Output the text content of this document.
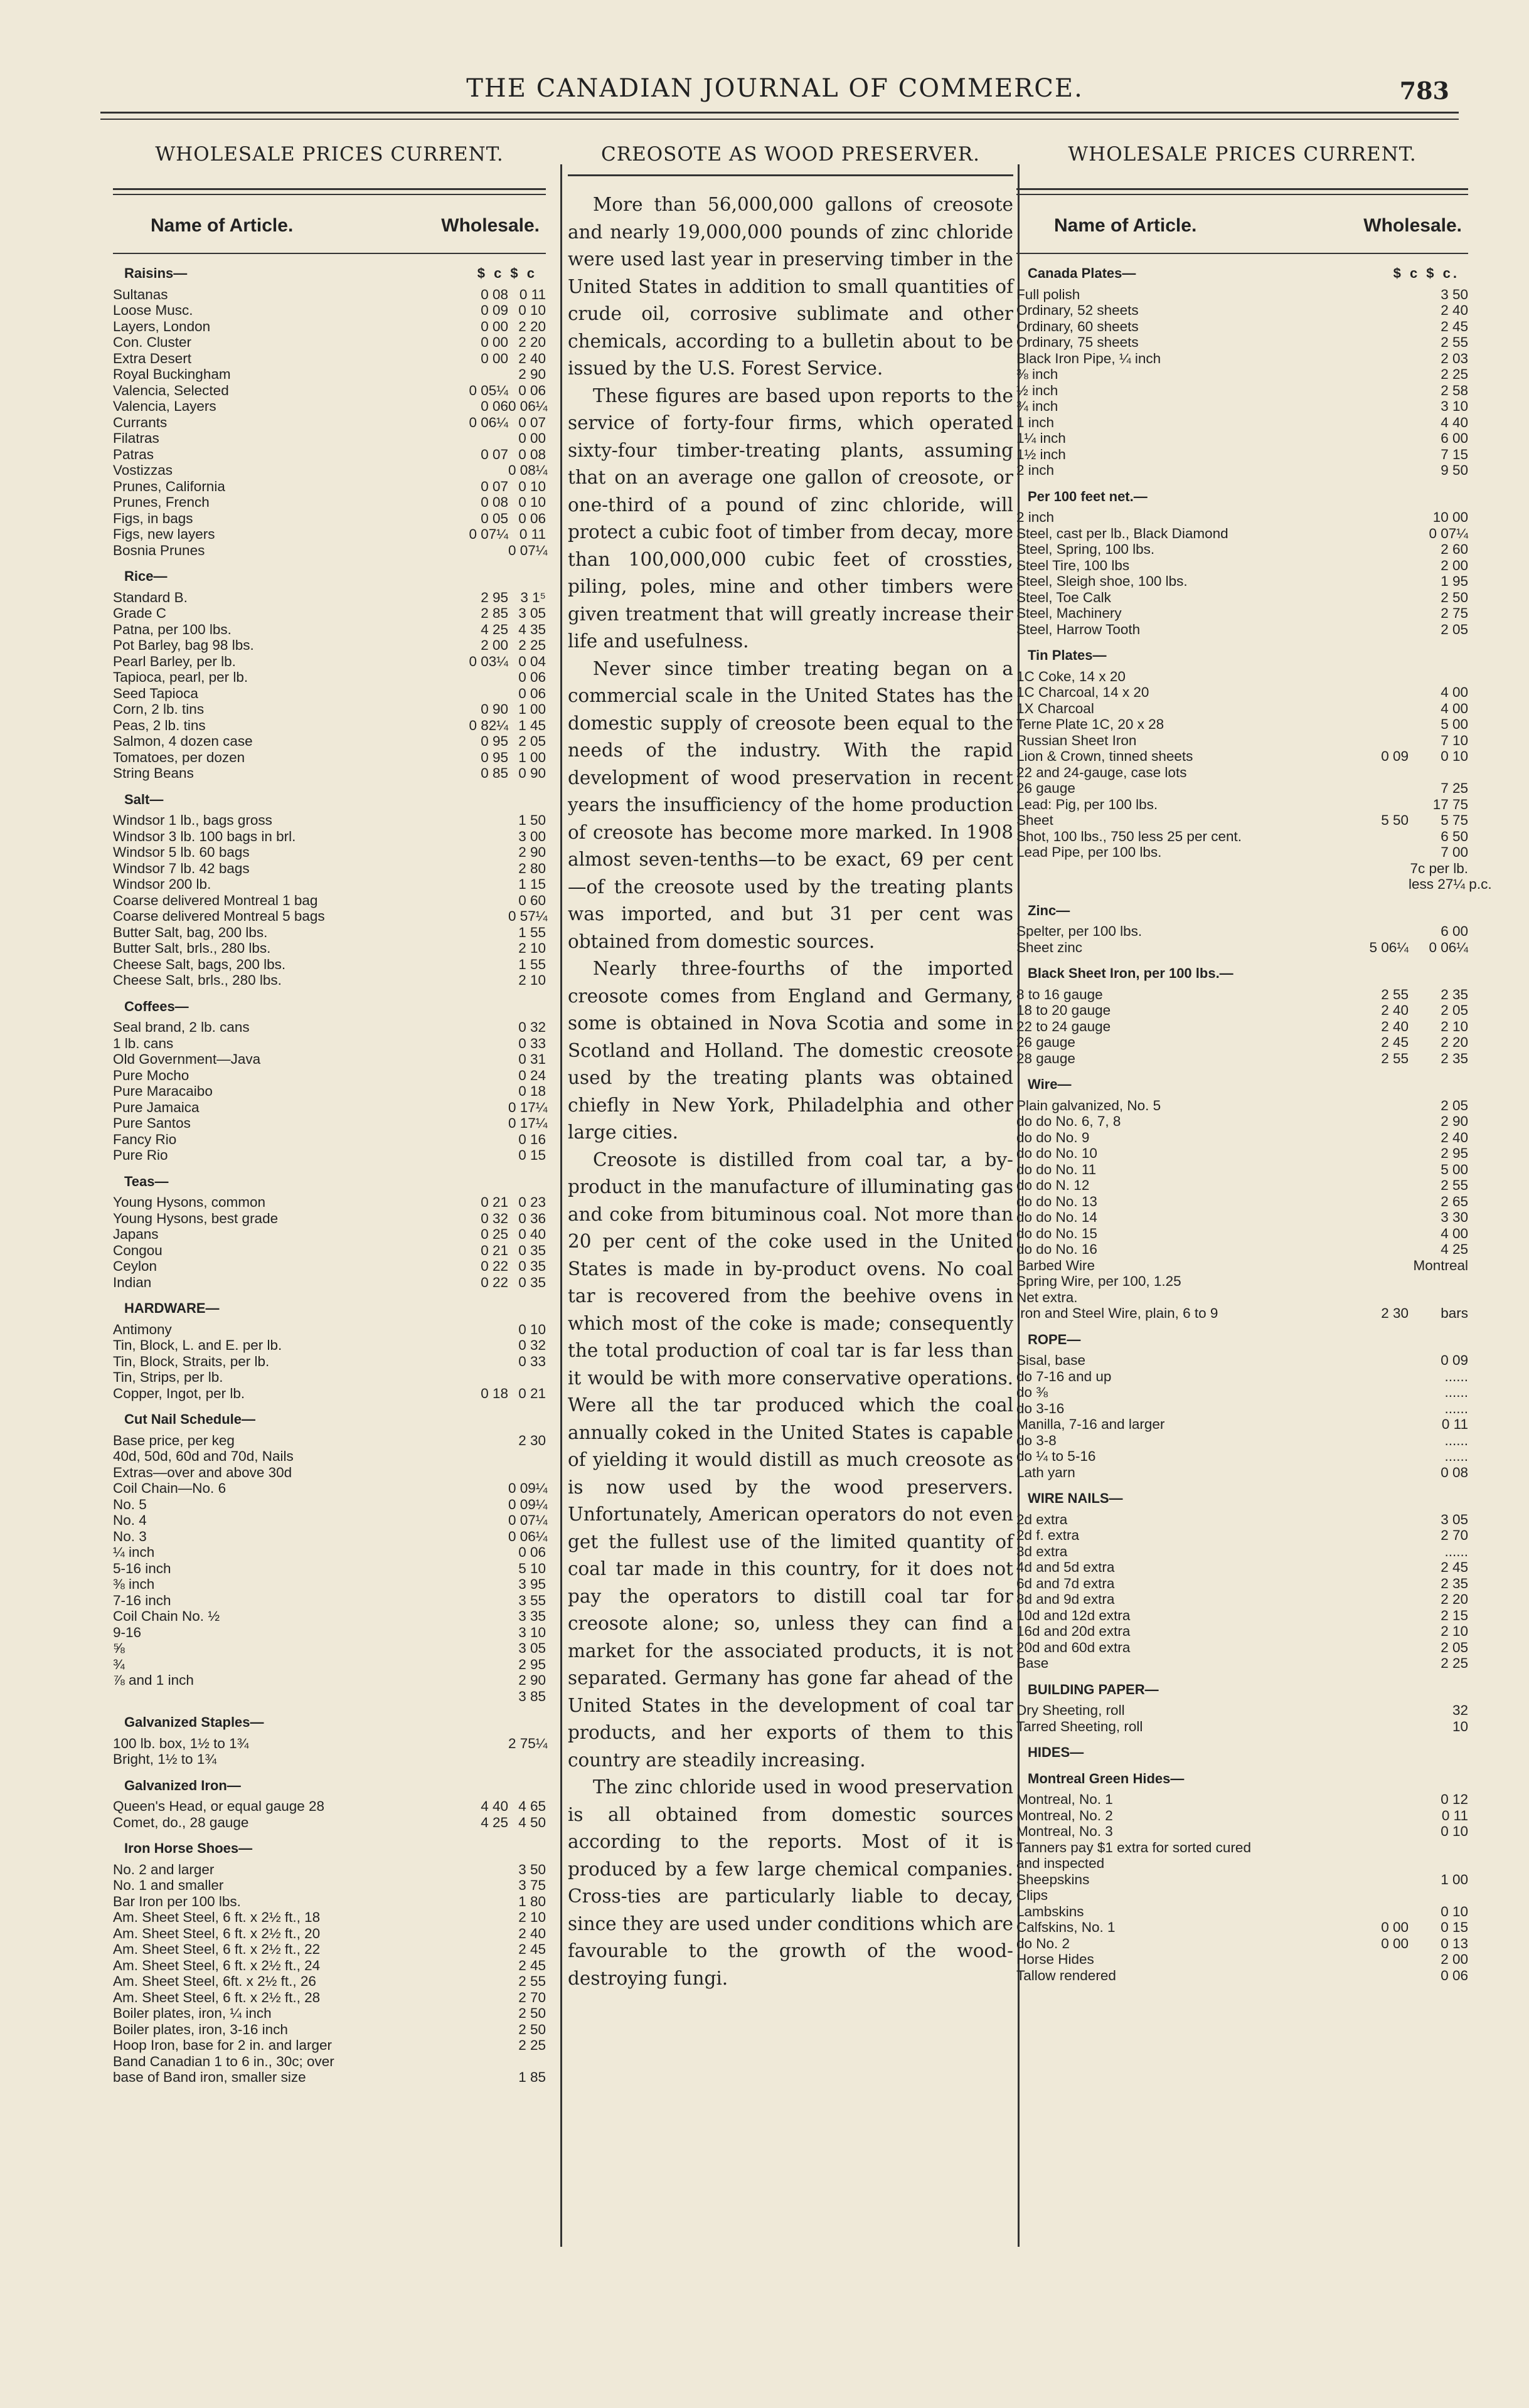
THE CANADIAN JOURNAL OF COMMERCE.	783
WHOLESALE PRICES CURRENT.
Name of Article.	Wholesale.
Raisins—	$ c $ c
Sultanas	0 08 0 11
Loose Musc.	0 09 0 10
Layers, London	0 00 2 20
Con. Cluster	0 00 2 20
Extra Desert	0 00 2 40
Royal Buckingham	2 90
Valencia, Selected	0 05¼ 0 06
Valencia, Layers	0 06 0 06¼
Currants	0 06¼ 0 07
Filatras	0 00
Patras	0 07 0 08
Vostizzas	0 08¼
Prunes, California	0 07 0 10
Prunes, French	0 08 0 10
Figs, in bags	0 05 0 06
Figs, new layers	0 07¼ 0 11
Bosnia Prunes	0 07¼
Rice—
Standard B.	2 95 3 1⁵
Grade C	2 85 3 05
Patna, per 100 lbs.	4 25 4 35
Pot Barley, bag 98 lbs.	2 00 2 25
Pearl Barley, per lb.	0 03¼ 0 04
Tapioca, pearl, per lb.	0 06
Seed Tapioca	0 06
Corn, 2 lb. tins	0 90 1 00
Peas, 2 lb. tins	0 82¼ 1 45
Salmon, 4 dozen case	0 95 2 05
Tomatoes, per dozen	0 95 1 00
String Beans	0 85 0 90
Salt—
Windsor 1 lb., bags gross	1 50
Windsor 3 lb. 100 bags in brl.	3 00
Windsor 5 lb. 60 bags	2 90
Windsor 7 lb. 42 bags	2 80
Windsor 200 lb.	1 15
Coarse delivered Montreal 1 bag	0 60
Coarse delivered Montreal 5 bags	0 57¼
Butter Salt, bag, 200 lbs.	1 55
Butter Salt, brls., 280 lbs.	2 10
Cheese Salt, bags, 200 lbs.	1 55
Cheese Salt, brls., 280 lbs.	2 10
Coffees—
Seal brand, 2 lb. cans	0 32
1 lb. cans	0 33
Old Government—Java	0 31
Pure Mocho	0 24
Pure Maracaibo	0 18
Pure Jamaica	0 17¼
Pure Santos	0 17¼
Fancy Rio	0 16
Pure Rio	0 15
Teas—
Young Hysons, common	0 21 0 23
Young Hysons, best grade	0 32 0 36
Japans	0 25 0 40
Congou	0 21 0 35
Ceylon	0 22 0 35
Indian	0 22 0 35
HARDWARE—
Antimony	0 10
Tin, Block, L. and E. per lb.	0 32
Tin, Block, Straits, per lb.	0 33
Tin, Strips, per lb.
Copper, Ingot, per lb.	0 18 0 21
Cut Nail Schedule—
Base price, per keg	2 30
40d, 50d, 60d and 70d, Nails
Extras—over and above 30d
Coil Chain—No. 6	0 09¼
No. 5	0 09¼
No. 4	0 07¼
No. 3	0 06¼
¼ inch	0 06
5-16 inch	5 10
⅜ inch	3 95
7-16 inch	3 55
Coil Chain No. ½	3 35
9-16	3 10
⅝	3 05
¾	2 95
⅞ and 1 inch	2 90
3 85
Galvanized Staples—
100 lb. box, 1½ to 1¾	2 75¼
Bright, 1½ to 1¾
Galvanized Iron—
Queen's Head, or equal gauge 28	4 40 4 65
Comet, do., 28 gauge	4 25 4 50
Iron Horse Shoes—
No. 2 and larger	3 50
No. 1 and smaller	3 75
Bar Iron per 100 lbs.	1 80
Am. Sheet Steel, 6 ft. x 2½ ft., 18	2 10
Am. Sheet Steel, 6 ft. x 2½ ft., 20	2 40
Am. Sheet Steel, 6 ft. x 2½ ft., 22	2 45
Am. Sheet Steel, 6 ft. x 2½ ft., 24	2 45
Am. Sheet Steel, 6ft. x 2½ ft., 26	2 55
Am. Sheet Steel, 6 ft. x 2½ ft., 28	2 70
Boiler plates, iron, ¼ inch	2 50
Boiler plates, iron, 3-16 inch	2 50
Hoop Iron, base for 2 in. and larger	2 25
Band Canadian 1 to 6 in., 30c; over
base of Band iron, smaller size	1 85
CREOSOTE AS WOOD PRESERVER.

More than 56,000,000 gallons of creosote and nearly 19,000,000 pounds of zinc chloride were used last year in preserving timber in the United States in addition to small quantities of crude oil, corrosive sublimate and other chemicals, according to a bulletin about to be issued by the U.S. Forest Service.

These figures are based upon reports to the service of forty-four firms, which operated sixty-four timber-treating plants, assuming that on an average one gallon of creosote, or one-third of a pound of zinc chloride, will protect a cubic foot of timber from decay, more than 100,000,000 cubic feet of crossties, piling, poles, mine and other timbers were given treatment that will greatly increase their life and usefulness.

Never since timber treating began on a commercial scale in the United States has the domestic supply of creosote been equal to the needs of the industry. With the rapid development of wood preservation in recent years the insufficiency of the home production of creosote has become more marked. In 1908 almost seven-tenths—to be exact, 69 per cent—of the creosote used by the treating plants was imported, and but 31 per cent was obtained from domestic sources.

Nearly three-fourths of the imported creosote comes from England and Germany, some is obtained in Nova Scotia and some in Scotland and Holland. The domestic creosote used by the treating plants was obtained chiefly in New York, Philadelphia and other large cities.

Creosote is distilled from coal tar, a by-product in the manufacture of illuminating gas and coke from bituminous coal. Not more than 20 per cent of the coke used in the United States is made in by-product ovens. No coal tar is recovered from the beehive ovens in which most of the coke is made; consequently the total production of coal tar is far less than it would be with more conservative operations. Were all the tar produced which the coal annually coked in the United States is capable of yielding it would distill as much creosote as is now used by the wood preservers. Unfortunately, American operators do not even get the fullest use of the limited quantity of coal tar made in this country, for it does not pay the operators to distill coal tar for creosote alone; so, unless they can find a market for the associated products, it is not separated. Germany has gone far ahead of the United States in the development of coal tar products, and her exports of them to this country are steadily increasing.

The zinc chloride used in wood preservation is all obtained from domestic sources according to the reports. Most of it is produced by a few large chemical companies. Cross-ties are particularly liable to decay, since they are used under conditions which are favourable to the growth of the wood-destroying fungi.

WHOLESALE PRICES CURRENT.
Name of Article.	Wholesale.
Canada Plates—	$ c $ c.
Full polish	3 50
Ordinary, 52 sheets	2 40
Ordinary, 60 sheets	2 45
Ordinary, 75 sheets	2 55
Black Iron Pipe, ¼ inch	2 03
⅜ inch	2 25
½ inch	2 58
¾ inch	3 10
1 inch	4 40
1¼ inch	6 00
1½ inch	7 15
2 inch	9 50
Per 100 feet net.—
2 inch	10 00
Steel, cast per lb., Black Diamond	0 07¼
Steel, Spring, 100 lbs.	2 60
Steel Tire, 100 lbs	2 00
Steel, Sleigh shoe, 100 lbs.	1 95
Steel, Toe Calk	2 50
Steel, Machinery	2 75
Steel, Harrow Tooth	2 05
Tin Plates—
1C Coke, 14 x 20
1C Charcoal, 14 x 20	4 00
1X Charcoal	4 00
Terne Plate 1C, 20 x 28	5 00
Russian Sheet Iron	7 10
Lion & Crown, tinned sheets	0 09	0 10
22 and 24-gauge, case lots
26 gauge	7 25
Lead: Pig, per 100 lbs.	17 75
Sheet	5 50	5 75
Shot, 100 lbs., 750 less 25 per cent.	6 50
Lead Pipe, per 100 lbs.	7 00
7c per lb.
less 27¼ p.c.
Zinc—
Spelter, per 100 lbs.	6 00
Sheet zinc	5 06¼	0 06¼
Black Sheet Iron, per 100 lbs.—
8 to 16 gauge	2 55	2 35
18 to 20 gauge	2 40	2 05
22 to 24 gauge	2 40	2 10
26 gauge	2 45	2 20
28 gauge	2 55	2 35
Wire—
Plain galvanized, No. 5	2 05
do do No. 6, 7, 8	2 90
do do No. 9	2 40
do do No. 10	2 95
do do No. 11	5 00
do do N. 12	2 55
do do No. 13	2 65
do do No. 14	3 30
do do No. 15	4 00
do do No. 16	4 25
Barbed Wire	Montreal
Spring Wire, per 100, 1.25
Net extra.
Iron and Steel Wire, plain, 6 to 9	2 30	bars
ROPE—
Sisal, base	0 09
do 7-16 and up	......
do ⅜	......
do 3-16	......
Manilla, 7-16 and larger	0 11
do 3-8	......
do ¼ to 5-16	......
Lath yarn	0 08
WIRE NAILS—
2d extra	3 05
2d f. extra	2 70
3d extra	......
4d and 5d extra	2 45
6d and 7d extra	2 35
8d and 9d extra	2 20
10d and 12d extra	2 15
16d and 20d extra	2 10
20d and 60d extra	2 05
Base	2 25
BUILDING PAPER—
Dry Sheeting, roll	32
Tarred Sheeting, roll	10
HIDES—
Montreal Green Hides—
Montreal, No. 1	0 12
Montreal, No. 2	0 11
Montreal, No. 3	0 10
Tanners pay $1 extra for sorted cured
and inspected
Sheepskins	1 00
Clips
Lambskins	0 10
Calfskins, No. 1	0 00	0 15
do No. 2	0 00	0 13
Horse Hides	2 00
Tallow rendered	0 06
